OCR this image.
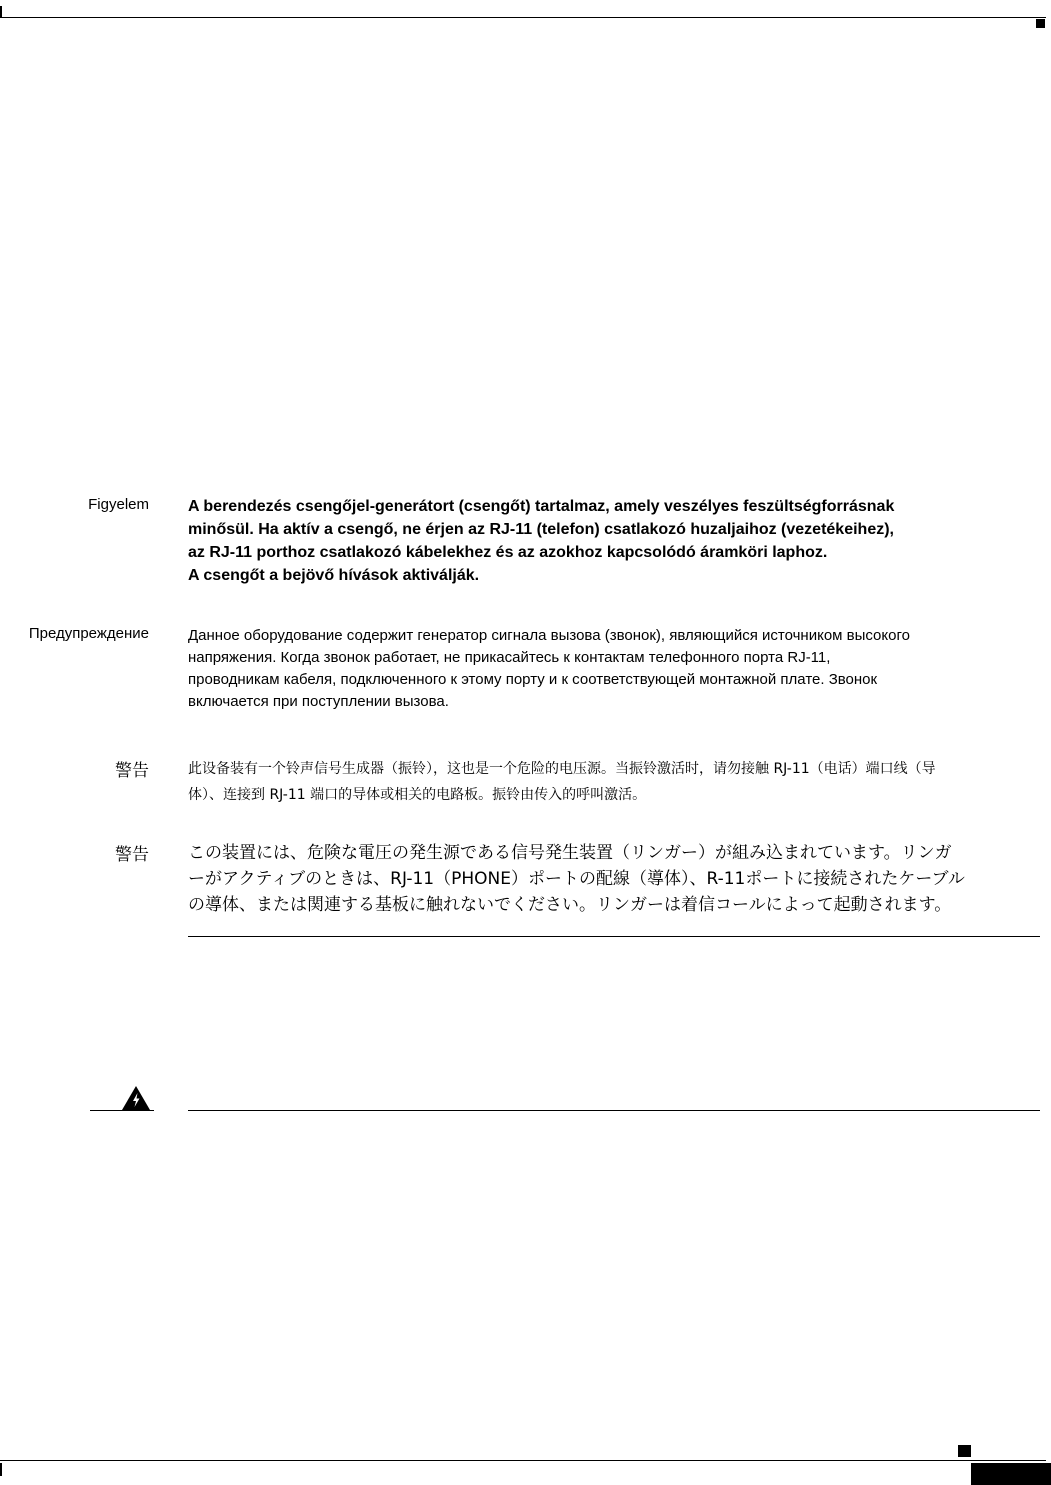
Figyelem A berendezés csengőjel-generátort (csengőt) tartalmaz, amely veszélyes feszültségforrásnak
minősül. Ha aktív a csengő, ne érjen az RJ-11 (telefon) csatlakozó huzaljaihoz (vezetékeihez),
az RJ-11 porthoz csatlakozó kábelekhez és az azokhoz kapcsolódó áramköri laphoz.
A csengőt a bejövő hívások aktiválják.
Предупреждение	Данное оборудование содержит генератор сигнала вызова (звонок), являющийся источником высокого
напряжения. Когда звонок работает, не прикасайтесь к контактам телефонного порта RJ-11,
проводникам кабеля, подключенного к этому порту и к соответствующей монтажной плате. Звонок
включается при поступлении вызова.
警告	此设备装有一个铃声信号生成器（振铃），这也是一个危险的电压源。当振铃激活时，请勿接触 RJ-11（电话）端口线（导
体）、连接到 RJ-11 端口的导体或相关的电路板。振铃由传入的呼叫激活。
警告 この装置には、危険な電圧の発生源である信号発生装置（リンガー）が組み込まれています。リンガ
ーがアクティブのときは、RJ-11（PHONE）ポートの配線（導体）、R-11ポートに接続されたケーブル
の導体、または関連する基板に触れないでください。リンガーは着信コールによって起動されます。
